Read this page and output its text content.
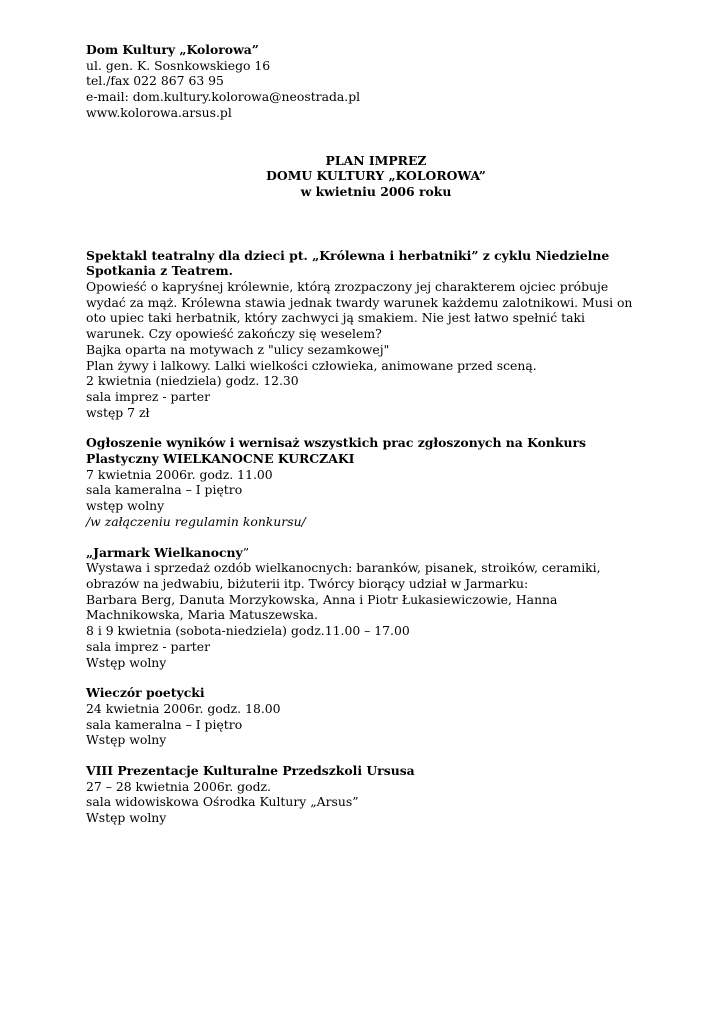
Dom Kultury „Kolorowa”
ul. gen. K. Sosnkowskiego 16
tel./fax 022 867 63 95
e-mail: dom.kultury.kolorowa@neostrada.pl
www.kolorowa.arsus.pl
PLAN IMPREZ
DOMU KULTURY „KOLOROWA”
w kwietniu 2006 roku
Spektakl teatralny dla dzieci pt. „Królewna i herbatniki” z cyklu Niedzielne
Spotkania z Teatrem.
Opowieść o kapryśnej królewnie, którą zrozpaczony jej charakterem ojciec próbuje
wydać za mąż. Królewna stawia jednak twardy warunek każdemu zalotnikowi. Musi on
oto upiec taki herbatnik, który zachwyci ją smakiem. Nie jest łatwo spełnić taki
warunek. Czy opowieść zakończy się weselem?
Bajka oparta na motywach z "ulicy sezamkowej"
Plan żywy i lalkowy. Lalki wielkości człowieka, animowane przed sceną.
2 kwietnia (niedziela) godz. 12.30
sala imprez - parter
wstęp 7 zł
Ogłoszenie wyników i wernisaż wszystkich prac zgłoszonych na Konkurs
Plastyczny WIELKANOCNE KURCZAKI
7 kwietnia 2006r. godz. 11.00
sala kameralna – I piętro
wstęp wolny
/w załączeniu regulamin konkursu/
„Jarmark Wielkanocny”
Wystawa i sprzedaż ozdób wielkanocnych: baranków, pisanek, stroików, ceramiki,
obrazów na jedwabiu, biżuterii itp. Twórcy biorący udział w Jarmarku:
Barbara Berg, Danuta Morzykowska, Anna i Piotr Łukasiewiczowie, Hanna
Machnikowska, Maria Matuszewska.
8 i 9 kwietnia (sobota-niedziela) godz.11.00 – 17.00
sala imprez - parter
Wstęp wolny
Wieczór poetycki
24 kwietnia 2006r. godz. 18.00
sala kameralna – I piętro
Wstęp wolny
VIII Prezentacje Kulturalne Przedszkoli Ursusa
27 – 28 kwietnia 2006r. godz.
sala widowiskowa Ośrodka Kultury „Arsus”
Wstęp wolny
